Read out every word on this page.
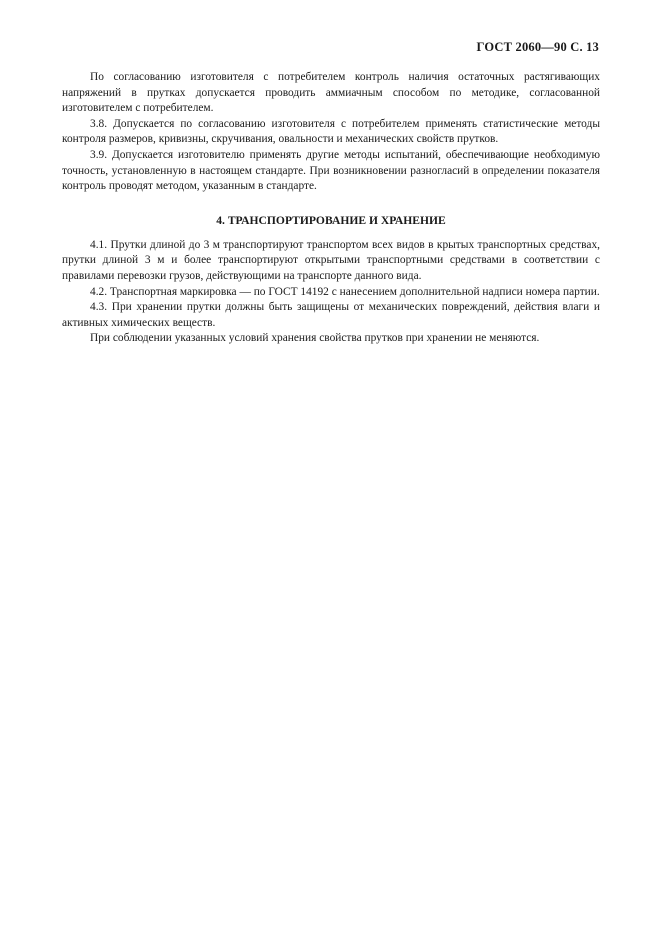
ГОСТ 2060—90 С. 13

По согласованию изготовителя с потребителем контроль наличия остаточных растягивающих напряжений в прутках допускается проводить аммиачным способом по методике, согласованной изготовителем с потребителем.

3.8. Допускается по согласованию изготовителя с потребителем применять статистические методы контроля размеров, кривизны, скручивания, овальности и механических свойств прутков.

3.9. Допускается изготовителю применять другие методы испытаний, обеспечивающие необходимую точность, установленную в настоящем стандарте. При возникновении разногласий в определении показателя контроль проводят методом, указанным в стандарте.

4. ТРАНСПОРТИРОВАНИЕ И ХРАНЕНИЕ

4.1. Прутки длиной до 3 м транспортируют транспортом всех видов в крытых транспортных средствах, прутки длиной 3 м и более транспортируют открытыми транспортными средствами в соответствии с правилами перевозки грузов, действующими на транспорте данного вида.

4.2. Транспортная маркировка — по ГОСТ 14192 с нанесением дополнительной надписи номера партии.

4.3. При хранении прутки должны быть защищены от механических повреждений, действия влаги и активных химических веществ.

При соблюдении указанных условий хранения свойства прутков при хранении не меняются.
